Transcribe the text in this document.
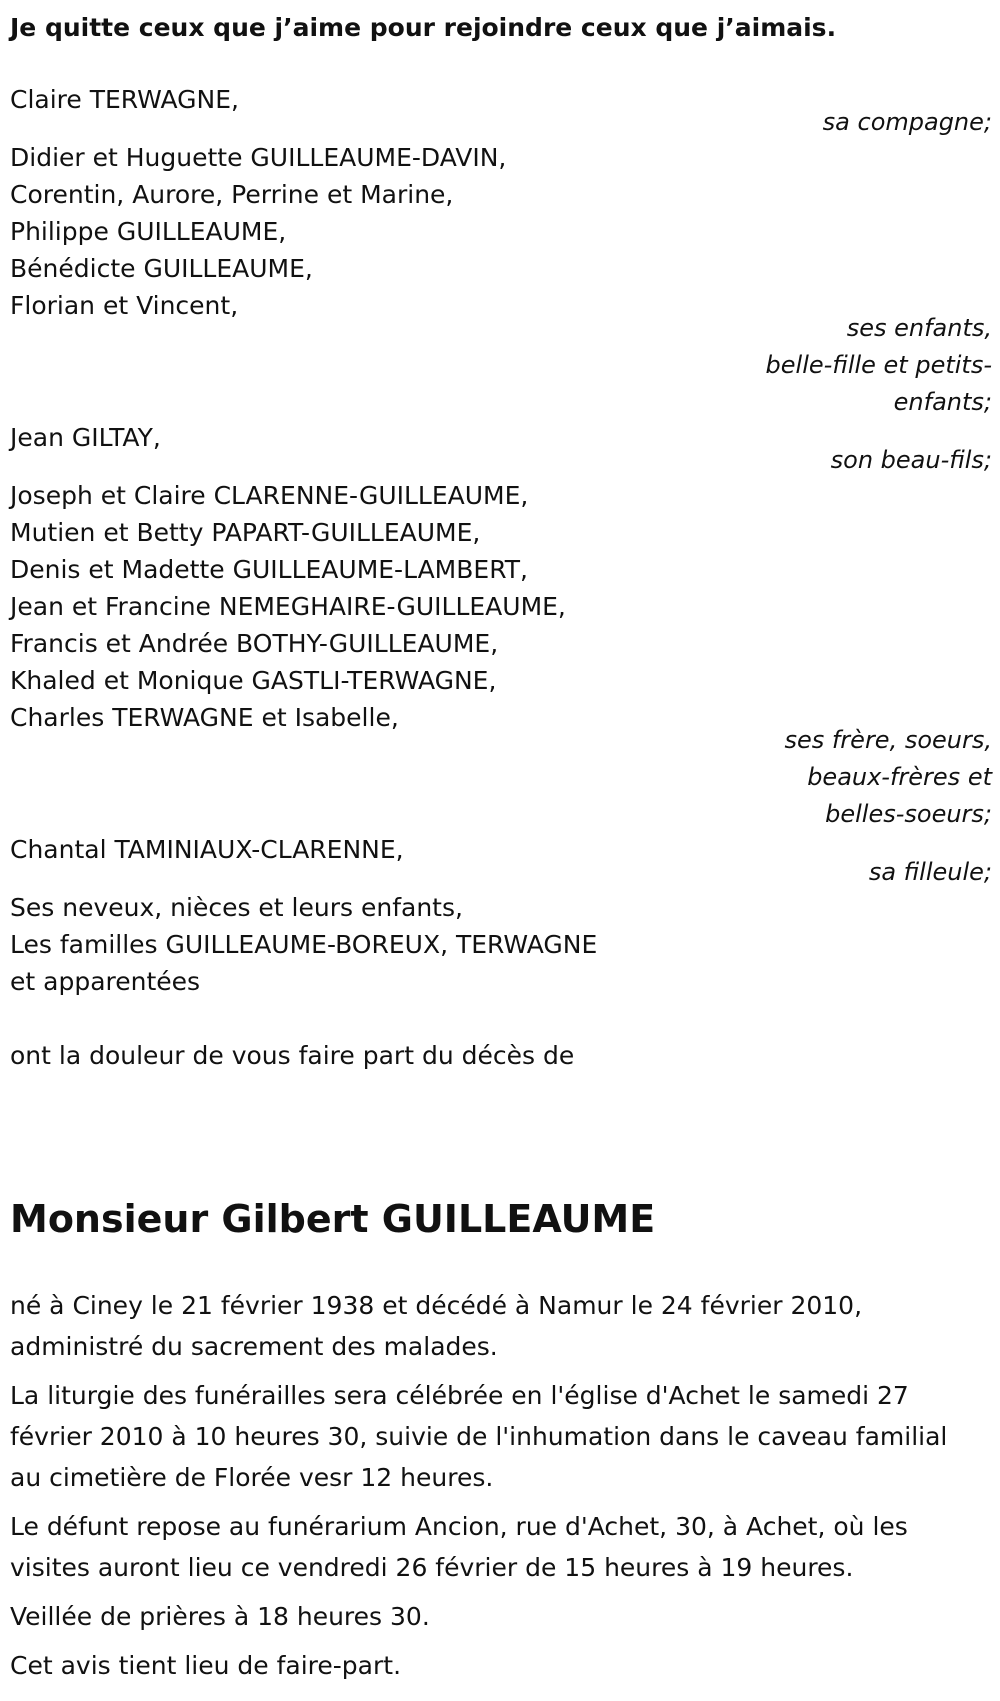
Je quitte ceux que j’aime pour rejoindre ceux que j’aimais.
Claire TERWAGNE,
sa compagne;
Didier et Huguette GUILLEAUME-DAVIN,
Corentin, Aurore, Perrine et Marine,
Philippe GUILLEAUME,
Bénédicte GUILLEAUME,
Florian et Vincent,
ses enfants,
belle-fille et petits-
enfants;
Jean GILTAY,
son beau-fils;
Joseph et Claire CLARENNE-GUILLEAUME,
Mutien et Betty PAPART-GUILLEAUME,
Denis et Madette GUILLEAUME-LAMBERT,
Jean et Francine NEMEGHAIRE-GUILLEAUME,
Francis et Andrée BOTHY-GUILLEAUME,
Khaled et Monique GASTLI-TERWAGNE,
Charles TERWAGNE et Isabelle,
ses frère, soeurs,
beaux-frères et
belles-soeurs;
Chantal TAMINIAUX-CLARENNE,
sa filleule;
Ses neveux, nièces et leurs enfants,
Les familles GUILLEAUME-BOREUX, TERWAGNE
et apparentées
ont la douleur de vous faire part du décès de
Monsieur Gilbert GUILLEAUME
né à Ciney le 21 février 1938 et décédé à Namur le 24 février 2010,
administré du sacrement des malades.
La liturgie des funérailles sera célébrée en l'église d'Achet le samedi 27
février 2010 à 10 heures 30, suivie de l'inhumation dans le caveau familial
au cimetière de Florée vesr 12 heures.
Le défunt repose au funérarium Ancion, rue d'Achet, 30, à Achet, où les
visites auront lieu ce vendredi 26 février de 15 heures à 19 heures.
Veillée de prières à 18 heures 30.
Cet avis tient lieu de faire-part.
